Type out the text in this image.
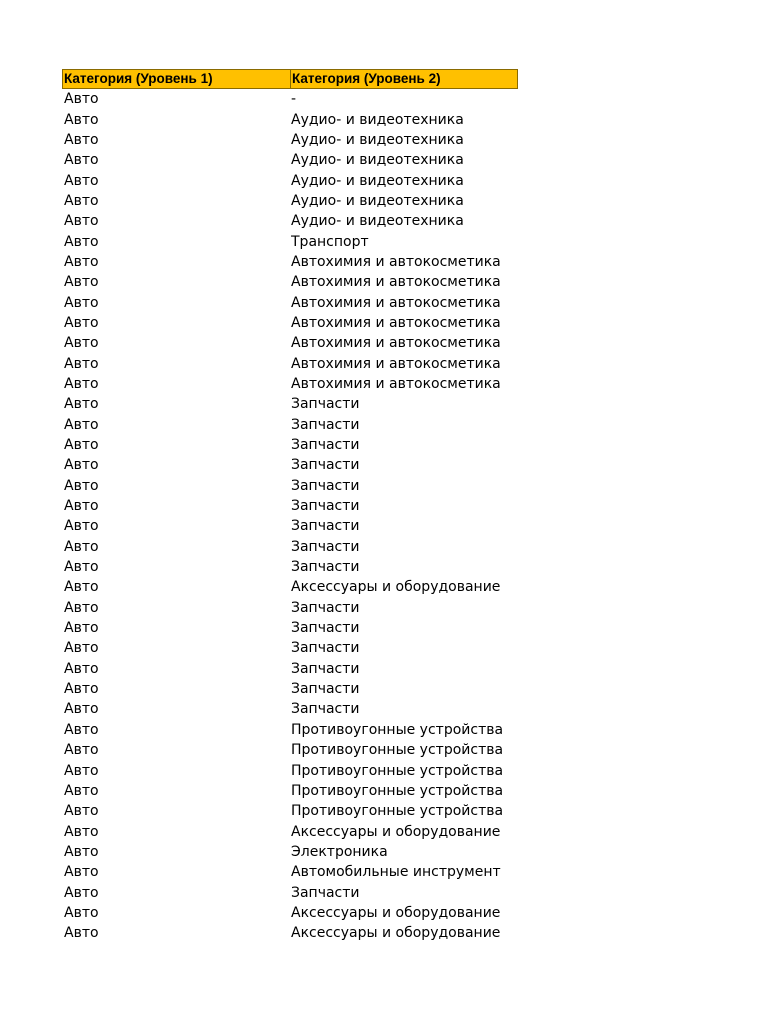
Категория (Уровень 1)	Категория (Уровень 2)
Авто	-
Авто	Аудио- и видеотехника
Авто	Аудио- и видеотехника
Авто	Аудио- и видеотехника
Авто	Аудио- и видеотехника
Авто	Аудио- и видеотехника
Авто	Аудио- и видеотехника
Авто	Транспорт
Авто	Автохимия и автокосметика
Авто	Автохимия и автокосметика
Авто	Автохимия и автокосметика
Авто	Автохимия и автокосметика
Авто	Автохимия и автокосметика
Авто	Автохимия и автокосметика
Авто	Автохимия и автокосметика
Авто	Запчасти
Авто	Запчасти
Авто	Запчасти
Авто	Запчасти
Авто	Запчасти
Авто	Запчасти
Авто	Запчасти
Авто	Запчасти
Авто	Запчасти
Авто	Аксессуары и оборудование
Авто	Запчасти
Авто	Запчасти
Авто	Запчасти
Авто	Запчасти
Авто	Запчасти
Авто	Запчасти
Авто	Противоугонные устройства
Авто	Противоугонные устройства
Авто	Противоугонные устройства
Авто	Противоугонные устройства
Авто	Противоугонные устройства
Авто	Аксессуары и оборудование
Авто	Электроника
Авто	Автомобильные инструмент
Авто	Запчасти
Авто	Аксессуары и оборудование
Авто	Аксессуары и оборудование
